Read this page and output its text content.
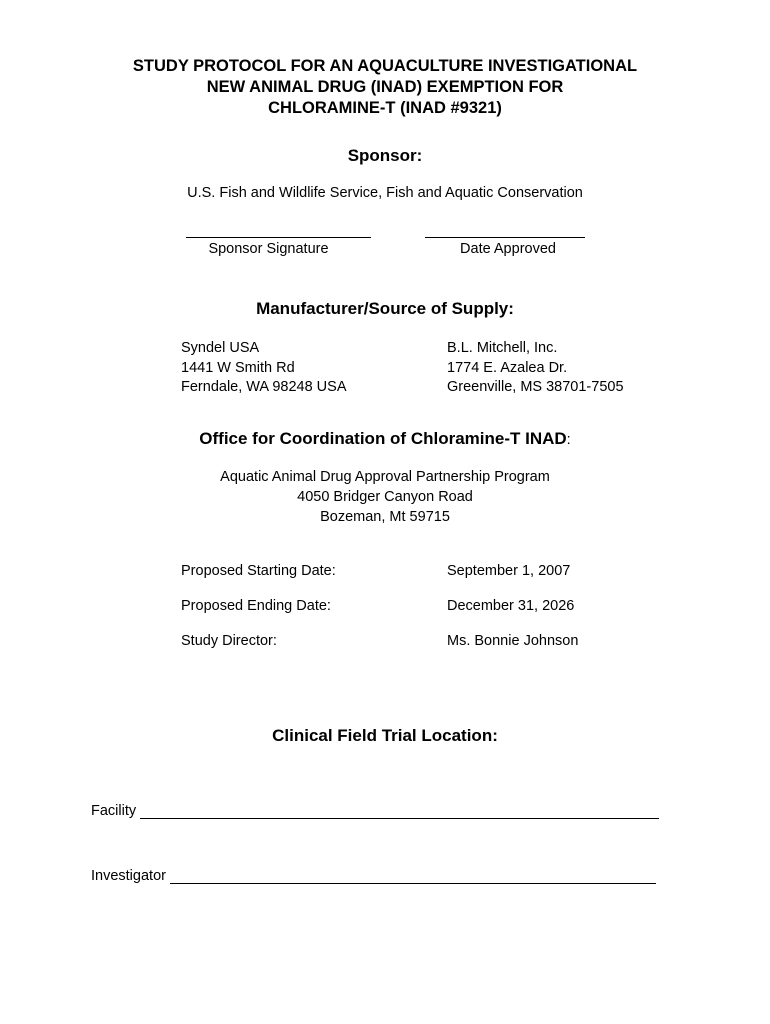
STUDY PROTOCOL FOR AN AQUACULTURE INVESTIGATIONAL
NEW ANIMAL DRUG (INAD) EXEMPTION FOR
CHLORAMINE-T (INAD #9321)
Sponsor:
U.S. Fish and Wildlife Service, Fish and Aquatic Conservation
Sponsor Signature	Date Approved
Manufacturer/Source of Supply:
Syndel USA
1441 W Smith Rd
Ferndale, WA 98248 USA
B.L. Mitchell, Inc.
1774 E. Azalea Dr.
Greenville, MS 38701-7505
Office for Coordination of Chloramine-T INAD:
Aquatic Animal Drug Approval Partnership Program
4050 Bridger Canyon Road
Bozeman, Mt 59715
Proposed Starting Date:	September 1, 2007
Proposed Ending Date:	December 31, 2026
Study Director:	Ms. Bonnie Johnson
Clinical Field Trial Location:
Facility
Investigator
